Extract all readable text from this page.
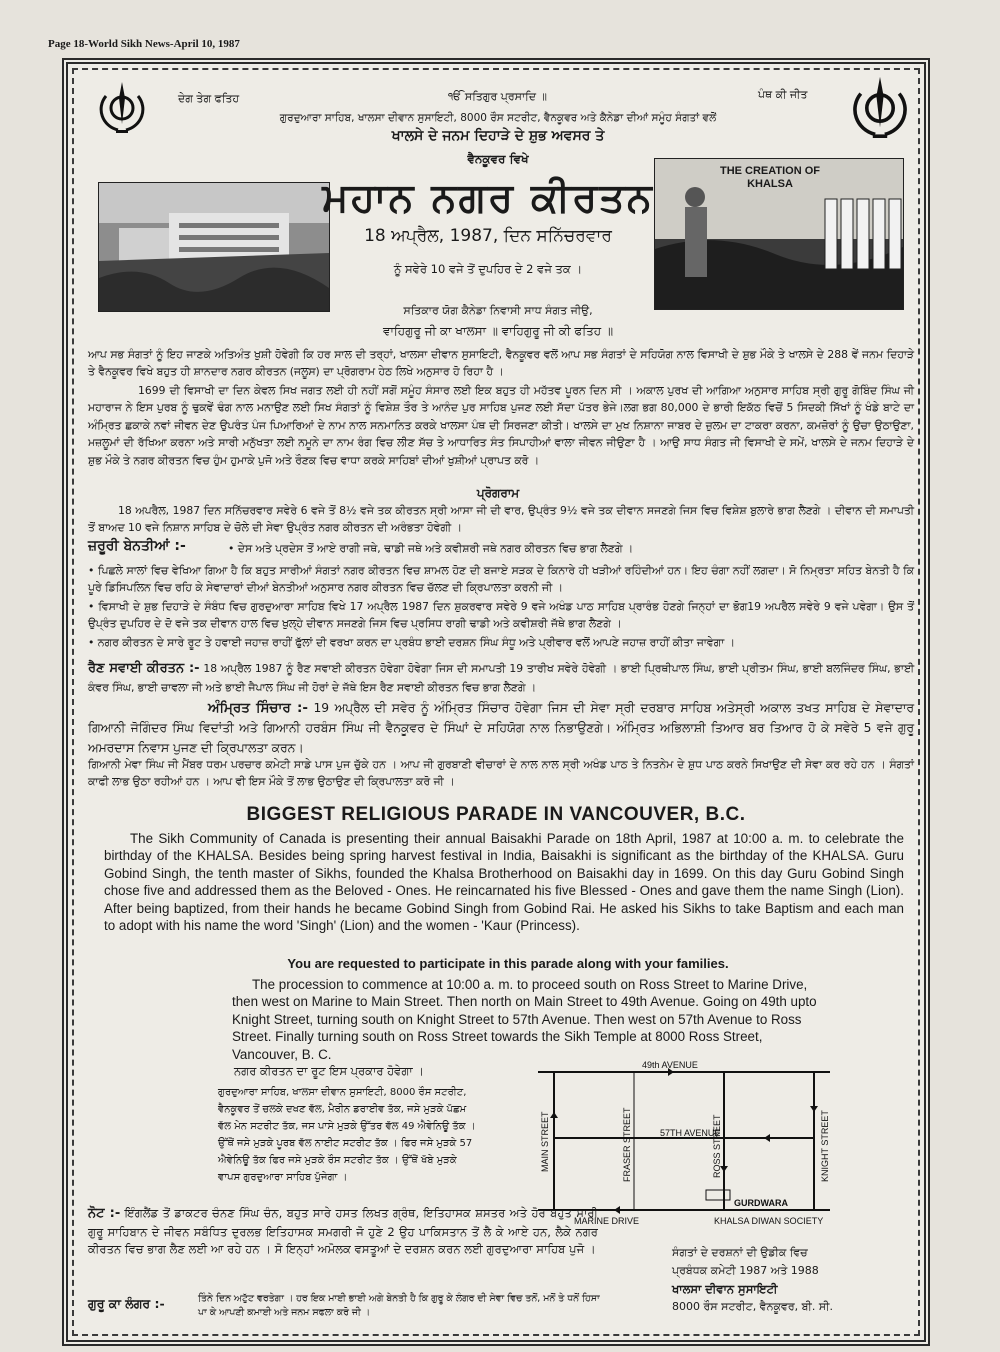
Page 18-World Sikh News-April 10, 1987
ਦੇਗ ਤੇਗ ਫਤਿਹ	ੴ ਸਤਿਗੁਰ ਪ੍ਰਸਾਦਿ ॥	ਪੰਥ ਕੀ ਜੀਤ
ਗੁਰਦੁਆਰਾ ਸਾਹਿਬ, ਖਾਲਸਾ ਦੀਵਾਨ ਸੁਸਾਇਟੀ, 8000 ਰੌਸ ਸਟਰੀਟ, ਵੈਨਕੂਵਰ ਅਤੇ ਕੈਨੇਡਾ ਦੀਆਂ ਸਮੂੰਹ ਸੰਗਤਾਂ ਵਲੋਂ
ਖਾਲਸੇ ਦੇ ਜਨਮ ਦਿਹਾੜੇ ਦੇ ਸ਼ੁਭ ਅਵਸਰ ਤੇ
ਵੈਨਕੂਵਰ ਵਿਖੇ
THE CREATION OF KHALSA
ਮਹਾਨ ਨਗਰ ਕੀਰਤਨ
18 ਅਪ੍ਰੈਲ, 1987, ਦਿਨ ਸਨਿੱਚਰਵਾਰ
ਨੂੰ ਸਵੇਰੇ 10 ਵਜੇ ਤੋਂ ਦੁਪਹਿਰ ਦੇ 2 ਵਜੇ ਤਕ ।
ਸਤਿਕਾਰ ਯੋਗ ਕੈਨੇਡਾ ਨਿਵਾਸੀ ਸਾਧ ਸੰਗਤ ਜੀਉ,
ਵਾਹਿਗੁਰੂ ਜੀ ਕਾ ਖਾਲਸਾ ॥ ਵਾਹਿਗੁਰੂ ਜੀ ਕੀ ਫਤਿਹ ॥
ਆਪ ਸਭ ਸੰਗਤਾਂ ਨੂੰ ਇਹ ਜਾਣਕੇ ਅਤਿਅੰਤ ਖੁਸ਼ੀ ਹੋਵੇਗੀ ਕਿ ਹਰ ਸਾਲ ਦੀ ਤਰ੍ਹਾਂ, ਖਾਲਸਾ ਦੀਵਾਨ ਸੁਸਾਇਟੀ, ਵੈਨਕੂਵਰ ਵਲੋਂ ਆਪ ਸਭ ਸੰਗਤਾਂ ਦੇ ਸਹਿਯੋਗ ਨਾਲ ਵਿਸਾਖੀ ਦੇ ਸ਼ੁਭ ਮੌਕੇ ਤੇ ਖਾਲਸੇ ਦੇ 288 ਵੇਂ ਜਨਮ ਦਿਹਾੜੇ ਤੇ ਵੈਨਕੂਵਰ ਵਿਖੇ ਬਹੁਤ ਹੀ ਸ਼ਾਨਦਾਰ ਨਗਰ ਕੀਰਤਨ (ਜਲੂਸ) ਦਾ ਪ੍ਰੋਗਰਾਮ ਹੇਠ ਲਿਖੇ ਅਨੁਸਾਰ ਹੋ ਰਿਹਾ ਹੈ ।
1699 ਦੀ ਵਿਸਾਖੀ ਦਾ ਦਿਨ ਕੇਵਲ ਸਿਖ ਜਗਤ ਲਈ ਹੀ ਨਹੀਂ ਸਗੋਂ ਸਮੂੰਹ ਸੰਸਾਰ ਲਈ ਇਕ ਬਹੁਤ ਹੀ ਮਹੱਤਵ ਪੂਰਨ ਦਿਨ ਸੀ । ਅਕਾਲ ਪੁਰਖ ਦੀ ਆਗਿਆ ਅਨੁਸਾਰ ਸਾਹਿਬ ਸ੍ਰੀ ਗੁਰੂ ਗੋਬਿੰਦ ਸਿੰਘ ਜੀ ਮਹਾਰਾਜ ਨੇ ਇਸ ਪੁਰਬ ਨੂੰ ਢੁਕਵੇਂ ਢੰਗ ਨਾਲ ਮਨਾਉਣ ਲਈ ਸਿਖ ਸੰਗਤਾਂ ਨੂੰ ਵਿਸ਼ੇਸ਼ ਤੌਰ ਤੇ ਆਨੰਦ ਪੁਰ ਸਾਹਿਬ ਪੁਜਣ ਲਈ ਸੱਦਾ ਪੱਤਰ ਭੇਜੇ।ਲਗ ਭਗ 80,000 ਦੇ ਭਾਰੀ ਇਕੱਠ ਵਿਚੋਂ 5 ਸਿਦਕੀ ਸਿੱਖਾਂ ਨੂੰ ਖੰਡੇ ਬਾਟੇ ਦਾ ਅੰਮ੍ਰਿਤ ਛਕਾਕੇ ਨਵਾਂ ਜੀਵਨ ਦੇਣ ਉਪਰੰਤ ਪੰਜ ਪਿਆਰਿਆਂ ਦੇ ਨਾਮ ਨਾਲ ਸਨਮਾਨਿਤ ਕਰਕੇ ਖਾਲਸਾ ਪੰਥ ਦੀ ਸਿਰਜਣਾ ਕੀਤੀ। ਖਾਲਸੇ ਦਾ ਮੁਖ ਨਿਸ਼ਾਨਾ ਜਾਬਰ ਦੇ ਜ਼ੁਲਮ ਦਾ ਟਾਕਰਾ ਕਰਨਾ, ਕਮਜ਼ੋਰਾਂ ਨੂੰ ਉਚਾ ਉਠਾਉਣਾ, ਮਜ਼ਲੂਮਾਂ ਦੀ ਰੱਖਿਆ ਕਰਨਾ ਅਤੇ ਸਾਰੀ ਮਨੁੱਖਤਾ ਲਈ ਨਮੂਨੇ ਦਾ ਨਾਮ ਰੰਗ ਵਿਚ ਲੀਣ ਸੱਚ ਤੇ ਆਧਾਰਿਤ ਸੰਤ ਸਿਪਾਹੀਆਂ ਵਾਲਾ ਜੀਵਨ ਜੀਉਣਾ ਹੈ । ਆਉ ਸਾਧ ਸੰਗਤ ਜੀ ਵਿਸਾਖੀ ਦੇ ਸਮੇਂ, ਖਾਲਸੇ ਦੇ ਜਨਮ ਦਿਹਾੜੇ ਦੇ ਸ਼ੁਭ ਮੌਕੇ ਤੇ ਨਗਰ ਕੀਰਤਨ ਵਿਚ ਹੁੰਮ ਹੁਮਾਕੇ ਪੁਜੋ ਅਤੇ ਰੌਣਕ ਵਿਚ ਵਾਧਾ ਕਰਕੇ ਸਾਹਿਬਾਂ ਦੀਆਂ ਖੁਸ਼ੀਆਂ ਪ੍ਰਾਪਤ ਕਰੋ ।
ਪ੍ਰੋਗਰਾਮ
18 ਅਪਰੈਲ, 1987 ਦਿਨ ਸਨਿੱਚਰਵਾਰ ਸਵੇਰੇ 6 ਵਜੇ ਤੋਂ 8½ ਵਜੇ ਤਕ ਕੀਰਤਨ ਸ੍ਰੀ ਆਸਾ ਜੀ ਦੀ ਵਾਰ, ਉਪ੍ਰੰਤ 9½ ਵਜੇ ਤਕ ਦੀਵਾਨ ਸਜਣਗੇ ਜਿਸ ਵਿਚ ਵਿਸ਼ੇਸ਼ ਬੁਲਾਰੇ ਭਾਗ ਲੈਣਗੇ । ਦੀਵਾਨ ਦੀ ਸਮਾਪਤੀ ਤੋਂ ਬਾਅਦ 10 ਵਜੇ ਨਿਸ਼ਾਨ ਸਾਹਿਬ ਦੇ ਚੋਲੇ ਦੀ ਸੇਵਾ ਉਪ੍ਰੰਤ ਨਗਰ ਕੀਰਤਨ ਦੀ ਅਰੰਭਤਾ ਹੋਵੇਗੀ ।
ਜ਼ਰੂਰੀ ਬੇਨਤੀਆਂ :-	• ਦੇਸ ਅਤੇ ਪ੍ਰਦੇਸ ਤੋਂ ਆਏ ਰਾਗੀ ਜਥੇ, ਢਾਡੀ ਜਥੇ ਅਤੇ ਕਵੀਸ਼ਰੀ ਜਥੇ ਨਗਰ ਕੀਰਤਨ ਵਿਚ ਭਾਗ ਲੈਣਗੇ ।
• ਪਿਛਲੇ ਸਾਲਾਂ ਵਿਚ ਵੇਖਿਆ ਗਿਆ ਹੈ ਕਿ ਬਹੁਤ ਸਾਰੀਆਂ ਸੰਗਤਾਂ ਨਗਰ ਕੀਰਤਨ ਵਿਚ ਸ਼ਾਮਲ ਹੋਣ ਦੀ ਬਜਾਏ ਸੜਕ ਦੇ ਕਿਨਾਰੇ ਹੀ ਖੜੀਆਂ ਰਹਿੰਦੀਆਂ ਹਨ। ਇਹ ਚੰਗਾ ਨਹੀਂ ਲਗਦਾ। ਸੋ ਨਿਮ੍ਰਤਾ ਸਹਿਤ ਬੇਨਤੀ ਹੈ ਕਿ ਪੂਰੇ ਡਿਸਿਪਲਿਨ ਵਿਚ ਰਹਿ ਕੇ ਸੇਵਾਦਾਰਾਂ ਦੀਆਂ ਬੇਨਤੀਆਂ ਅਨੁਸਾਰ ਨਗਰ ਕੀਰਤਨ ਵਿਚ ਚੱਲਣ ਦੀ ਕ੍ਰਿਪਾਲਤਾ ਕਰਨੀ ਜੀ ।
• ਵਿਸਾਖੀ ਦੇ ਸ਼ੁਭ ਦਿਹਾੜੇ ਦੇ ਸੰਬੰਧ ਵਿਚ ਗੁਰਦੁਆਰਾ ਸਾਹਿਬ ਵਿਖੇ 17 ਅਪ੍ਰੈਲ 1987 ਦਿਨ ਸ਼ੁਕਰਵਾਰ ਸਵੇਰੇ 9 ਵਜੇ ਅਖੰਡ ਪਾਠ ਸਾਹਿਬ ਪ੍ਰਾਰੰਭ ਹੋਣਗੇ ਜਿਨ੍ਹਾਂ ਦਾ ਭੋਗ19 ਅਪਰੈਲ ਸਵੇਰੇ 9 ਵਜੇ ਪਵੇਗਾ। ਉਸ ਤੋਂ ਉਪ੍ਰੰਤ ਦੁਪਹਿਰ ਦੇ ਦੋ ਵਜੇ ਤਕ ਦੀਵਾਨ ਹਾਲ ਵਿਚ ਖੁਲ੍ਹੇ ਦੀਵਾਨ ਸਜਣਗੇ ਜਿਸ ਵਿਚ ਪ੍ਰਸਿਧ ਰਾਗੀ ਢਾਡੀ ਅਤੇ ਕਵੀਸ਼ਰੀ ਜੱਥੇ ਭਾਗ ਲੈਣਗੇ ।
• ਨਗਰ ਕੀਰਤਨ ਦੇ ਸਾਰੇ ਰੂਟ ਤੇ ਹਵਾਈ ਜਹਾਜ਼ ਰਾਹੀਂ ਫੁੱਲਾਂ ਦੀ ਵਰਖਾ ਕਰਨ ਦਾ ਪ੍ਰਬੰਧ ਭਾਈ ਦਰਸ਼ਨ ਸਿੰਘ ਸੰਧੂ ਅਤੇ ਪ੍ਰੀਵਾਰ ਵਲੋਂ ਆਪਣੇ ਜਹਾਜ਼ ਰਾਹੀਂ ਕੀਤਾ ਜਾਵੇਗਾ ।
ਰੈਣ ਸਵਾਈ ਕੀਰਤਨ :- 18 ਅਪ੍ਰੈਲ 1987 ਨੂੰ ਰੈਣ ਸਵਾਈ ਕੀਰਤਨ ਹੋਵੇਗਾ ਹੋਵੇਗਾ ਜਿਸ ਦੀ ਸਮਾਪਤੀ 19 ਤਾਰੀਖ ਸਵੇਰੇ ਹੋਵੇਗੀ । ਭਾਈ ਪ੍ਰਿਥੀਪਾਲ ਸਿੰਘ, ਭਾਈ ਪ੍ਰੀਤਮ ਸਿੰਘ, ਭਾਈ ਬਲਜਿੰਦਰ ਸਿੰਘ, ਭਾਈ ਕੰਵਰ ਸਿੰਘ, ਭਾਈ ਚਾਵਲਾ ਜੀ ਅਤੇ ਭਾਈ ਜੈਪਾਲ ਸਿੰਘ ਜੀ ਹੋਰਾਂ ਦੇ ਜੱਥੇ ਇਸ ਰੈਣ ਸਵਾਈ ਕੀਰਤਨ ਵਿਚ ਭਾਗ ਲੈਣਗੇ ।
ਅੰਮ੍ਰਿਤ ਸਿੰਚਾਰ :- 19 ਅਪ੍ਰੈਲ ਦੀ ਸਵੇਰ ਨੂੰ ਅੰਮ੍ਰਿਤ ਸਿੰਚਾਰ ਹੋਵੇਗਾ ਜਿਸ ਦੀ ਸੇਵਾ ਸ੍ਰੀ ਦਰਬਾਰ ਸਾਹਿਬ ਅਤੇਸ੍ਰੀ ਅਕਾਲ ਤਖਤ ਸਾਹਿਬ ਦੇ ਸੇਵਾਦਾਰ ਗਿਆਨੀ ਜੋਗਿੰਦਰ ਸਿੰਘ ਵਿਦਾਂਤੀ ਅਤੇ ਗਿਆਨੀ ਹਰਬੰਸ ਸਿੰਘ ਜੀ ਵੈਨਕੂਵਰ ਦੇ ਸਿੰਘਾਂ ਦੇ ਸਹਿਯੋਗ ਨਾਲ ਨਿਭਾਉਣਗੇ। ਅੰਮ੍ਰਿਤ ਅਭਿਲਾਸ਼ੀ ਤਿਆਰ ਬਰ ਤਿਆਰ ਹੋ ਕੇ ਸਵੇਰੇ 5 ਵਜੇ ਗੁਰੂ ਅਮਰਦਾਸ ਨਿਵਾਸ ਪੁਜਣ ਦੀ ਕ੍ਰਿਪਾਲਤਾ ਕਰਨ।
ਗਿਆਨੀ ਮੇਵਾ ਸਿੰਘ ਜੀ ਮੈਂਬਰ ਧਰਮ ਪਰਚਾਰ ਕਮੇਟੀ ਸਾਡੇ ਪਾਸ ਪੁਜ ਚੁੱਕੇ ਹਨ । ਆਪ ਜੀ ਗੁਰਬਾਣੀ ਵੀਚਾਰਾਂ ਦੇ ਨਾਲ ਨਾਲ ਸ੍ਰੀ ਅਖੰਡ ਪਾਠ ਤੇ ਨਿਤਨੇਮ ਦੇ ਸ਼ੁਧ ਪਾਠ ਕਰਨੇ ਸਿਖਾਉਣ ਦੀ ਸੇਵਾ ਕਰ ਰਹੇ ਹਨ । ਸੰਗਤਾਂ ਕਾਫੀ ਲਾਭ ਉਠਾ ਰਹੀਆਂ ਹਨ । ਆਪ ਵੀ ਇਸ ਮੌਕੇ ਤੋਂ ਲਾਭ ਉਠਾਉਣ ਦੀ ਕ੍ਰਿਪਾਲਤਾ ਕਰੋ ਜੀ ।
BIGGEST RELIGIOUS PARADE IN VANCOUVER, B.C.
The Sikh Community of Canada is presenting their annual Baisakhi Parade on 18th April, 1987 at 10:00 a. m. to celebrate the birthday of the KHALSA. Besides being spring harvest festival in India, Baisakhi is significant as the birthday of the KHALSA. Guru Gobind Singh, the tenth master of Sikhs, founded the Khalsa Brotherhood on Baisakhi day in 1699. On this day Guru Gobind Singh chose five and addressed them as the Beloved - Ones. He reincarnated his five Blessed - Ones and gave them the name Singh (Lion). After being baptized, from their hands he became Gobind Singh from Gobind Rai. He asked his Sikhs to take Baptism and each man to adopt with his name the word 'Singh' (Lion) and the women - 'Kaur (Princess).
You are requested to participate in this parade along with your families.
The procession to commence at 10:00 a. m. to proceed south on Ross Street to Marine Drive, then west on Marine to Main Street. Then north on Main Street to 49th Avenue. Going on 49th upto Knight Street, turning south on Knight Street to 57th Avenue. Then west on 57th Avenue to Ross Street. Finally turning south on Ross Street towards the Sikh Temple at 8000 Ross Street, Vancouver, B. C.
ਨਗਰ ਕੀਰਤਨ ਦਾ ਰੂਟ ਇਸ ਪ੍ਰਕਾਰ ਹੋਵੇਗਾ ।
ਗੁਰਦੁਆਰਾ ਸਾਹਿਬ, ਖਾਲਸਾ ਦੀਵਾਨ ਸੁਸਾਇਟੀ, 8000 ਰੌਸ ਸਟਰੀਟ, ਵੈਨਕੂਵਰ ਤੋਂ ਚਲਕੇ ਦਖਣ ਵੱਲ, ਮੈਰੀਨ ਡਰਾਈਵ ਤੱਕ, ਜਸੇ ਮੁੜਕੇ ਪੱਛਮ ਵੱਲ ਮੇਨ ਸਟਰੀਟ ਤੱਕ, ਜਸ ਪਾਸੇ ਮੁੜਕੇ ਉੱਤਰ ਵੱਲ 49 ਐਵੇਨਿਊ ਤੱਕ । ਉੱਥੋਂ ਜਸੇ ਮੁੜਕੇ ਪੂਰਬ ਵੱਲ ਨਾਈਟ ਸਟਰੀਟ ਤੱਕ । ਫਿਰ ਜਸੇ ਮੁੜਕੇ 57 ਐਵੇਨਿਊ ਤੱਕ ਫਿਰ ਜਸੇ ਮੁੜਕੇ ਰੌਸ ਸਟਰੀਟ ਤੱਕ । ਉੱਥੋਂ ਖੱਬੇ ਮੁੜਕੇ ਵਾਪਸ ਗੁਰਦੁਆਰਾ ਸਾਹਿਬ ਪੁੱਜੇਗਾ ।
49th AVENUE
57TH AVENUE
MAIN STREET	FRASER STREET	ROSS STREET	KNIGHT STREET
GURDWARA
MARINE DRIVE	KHALSA DIWAN SOCIETY
ਨੋਟ :- ਇੰਗਲੈਂਡ ਤੋਂ ਡਾਕਟਰ ਚੰਨਣ ਸਿੰਘ ਚੰਨ, ਬਹੁਤ ਸਾਰੇ ਹਸਤ ਲਿਖਤ ਗ੍ਰੰਥ, ਇਤਿਹਾਸਕ ਸ਼ਸਤਰ ਅਤੇ ਹੋਰ ਬਹੁਤ ਸਾਰੀ ਗੁਰੂ ਸਾਹਿਬਾਨ ਦੇ ਜੀਵਨ ਸਬੰਧਿਤ ਦੁਰਲਭ ਇਤਿਹਾਸਕ ਸਮਗਰੀ ਜੋ ਹੁਣੇ 2 ਉਹ ਪਾਕਿਸਤਾਨ ਤੋਂ ਲੈ ਕੇ ਆਏ ਹਨ, ਲੈਕੇ ਨਗਰ ਕੀਰਤਨ ਵਿਚ ਭਾਗ ਲੈਣ ਲਈ ਆ ਰਹੇ ਹਨ । ਸੋ ਇਨ੍ਹਾਂ ਅਮੋਲਕ ਵਸਤੂਆਂ ਦੇ ਦਰਸ਼ਨ ਕਰਨ ਲਈ ਗੁਰਦੁਆਰਾ ਸਾਹਿਬ ਪੁਜੋ ।
ਗੁਰੂ ਕਾ ਲੰਗਰ :-	ਤਿੰਨੇ ਦਿਨ ਅਟੁੱਟ ਵਰਤੇਗਾ । ਹਰ ਇਕ ਮਾਈ ਭਾਈ ਅਗੇ ਬੇਨਤੀ ਹੈ ਕਿ ਗੁਰੂ ਕੇ ਲੰਗਰ ਦੀ ਸੇਵਾ ਵਿਚ ਤਨੋਂ, ਮਨੋਂ ਤੇ ਧਨੋਂ ਹਿਸਾ ਪਾ ਕੇ ਆਪਣੀ ਕਮਾਈ ਅਤੇ ਜਨਮ ਸਫਲਾ ਕਰੋ ਜੀ ।
ਸੰਗਤਾਂ ਦੇ ਦਰਸ਼ਨਾਂ ਦੀ ਉਡੀਕ ਵਿਚ
ਪ੍ਰਬੰਧਕ ਕਮੇਟੀ 1987 ਅਤੇ 1988
ਖਾਲਸਾ ਦੀਵਾਨ ਸੁਸਾਇਟੀ
8000 ਰੌਸ ਸਟਰੀਟ, ਵੈਨਕੂਵਰ, ਬੀ. ਸੀ.
